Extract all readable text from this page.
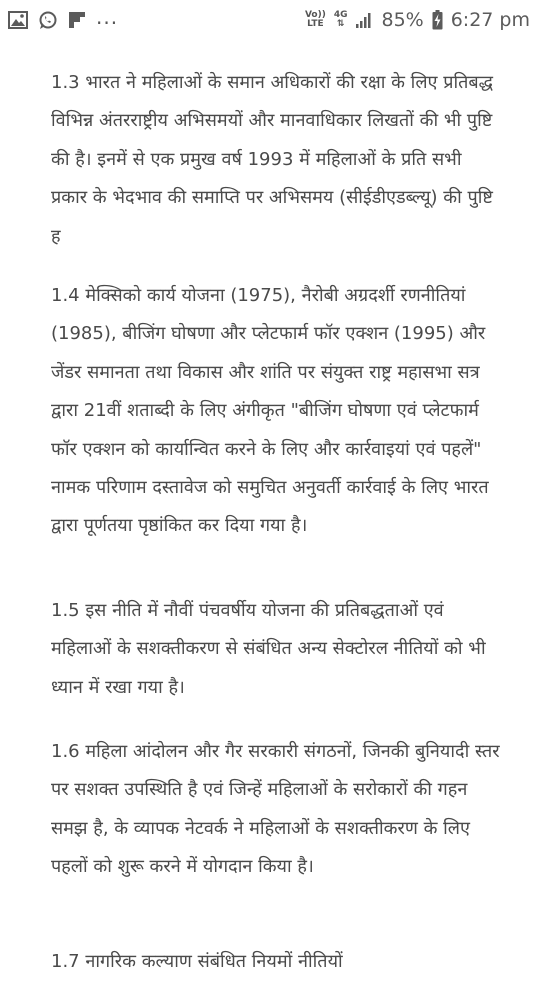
...	Vo))
LTE
4G
⇅ 85% 6:27 pm

1.3 भारत ने महिलाओं के समान अधिकारों की रक्षा के लिए प्रतिबद्ध विभिन्न अंतरराष्ट्रीय अभिसमयों और मानवाधिकार लिखतों की भी पुष्टि की है। इनमें से एक प्रमुख वर्ष 1993 में महिलाओं के प्रति सभी प्रकार के भेदभाव की समाप्ति पर अभिसमय (सीईडीएडब्ल्यू) की पुष्टि ह

1.4 मेक्सिको कार्य योजना (1975), नैरोबी अग्रदर्शी रणनीतियां (1985), बीजिंग घोषणा और प्लेटफार्म फॉर एक्शन (1995) और जेंडर समानता तथा विकास और शांति पर संयुक्त राष्ट्र महासभा सत्र द्वारा 21वीं शताब्दी के लिए अंगीकृत "बीजिंग घोषणा एवं प्लेटफार्म फॉर एक्शन को कार्यान्वित करने के लिए और कार्रवाइयां एवं पहलें" नामक परिणाम दस्तावेज को समुचित अनुवर्ती कार्रवाई के लिए भारत द्वारा पूर्णतया पृष्ठांकित कर दिया गया है।

1.5 इस नीति में नौवीं पंचवर्षीय योजना की प्रतिबद्धताओं एवं महिलाओं के सशक्तीकरण से संबंधित अन्य सेक्टोरल नीतियों को भी ध्यान में रखा गया है।

1.6 महिला आंदोलन और गैर सरकारी संगठनों, जिनकी बुनियादी स्तर पर सशक्त उपस्थिति है एवं जिन्हें महिलाओं के सरोकारों की गहन समझ है, के व्यापक नेटवर्क ने महिलाओं के सशक्तीकरण के लिए पहलों को शुरू करने में योगदान किया है।

1.7 नागरिक कल्याण संबंधित नियमों नीतियों
